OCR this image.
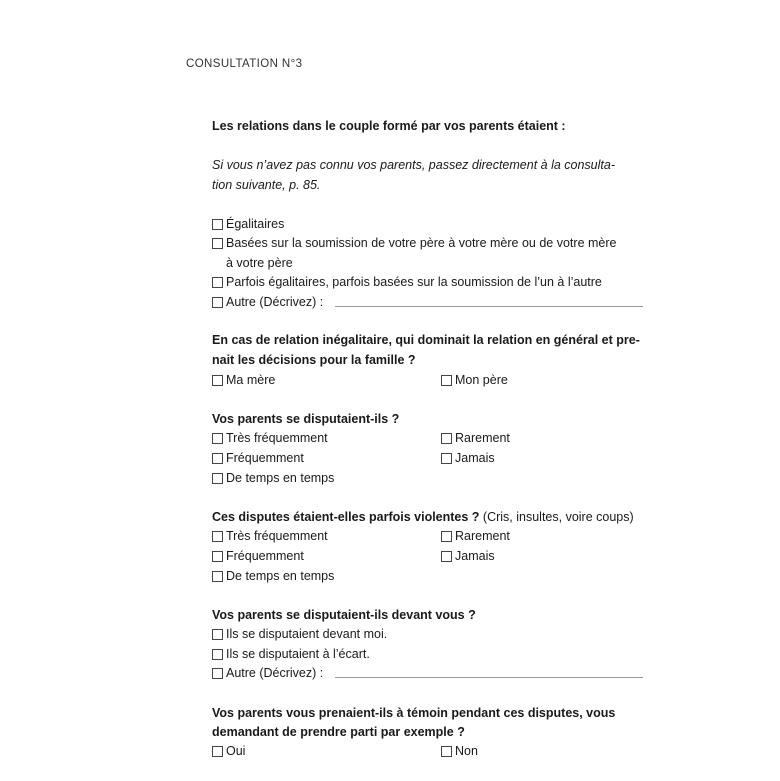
CONSULTATION N°3
Les relations dans le couple formé par vos parents étaient :
Si vous n’avez pas connu vos parents, passez directement à la consulta-
tion suivante, p. 85.
Égalitaires
Basées sur la soumission de votre père à votre mère ou de votre mère
à votre père
Parfois égalitaires, parfois basées sur la soumission de l’un à l’autre
Autre (Décrivez) :
En cas de relation inégalitaire, qui dominait la relation en général et pre-
nait les décisions pour la famille ?
Ma mère	Mon père
Vos parents se disputaient-ils ?
Très fréquemment	Rarement
Fréquemment	Jamais
De temps en temps
Ces disputes étaient-elles parfois violentes ? (Cris, insultes, voire coups)
Très fréquemment	Rarement
Fréquemment	Jamais
De temps en temps
Vos parents se disputaient-ils devant vous ?
Ils se disputaient devant moi.
Ils se disputaient à l’écart.
Autre (Décrivez) :
Vos parents vous prenaient-ils à témoin pendant ces disputes, vous
demandant de prendre parti par exemple ?
Oui	Non
